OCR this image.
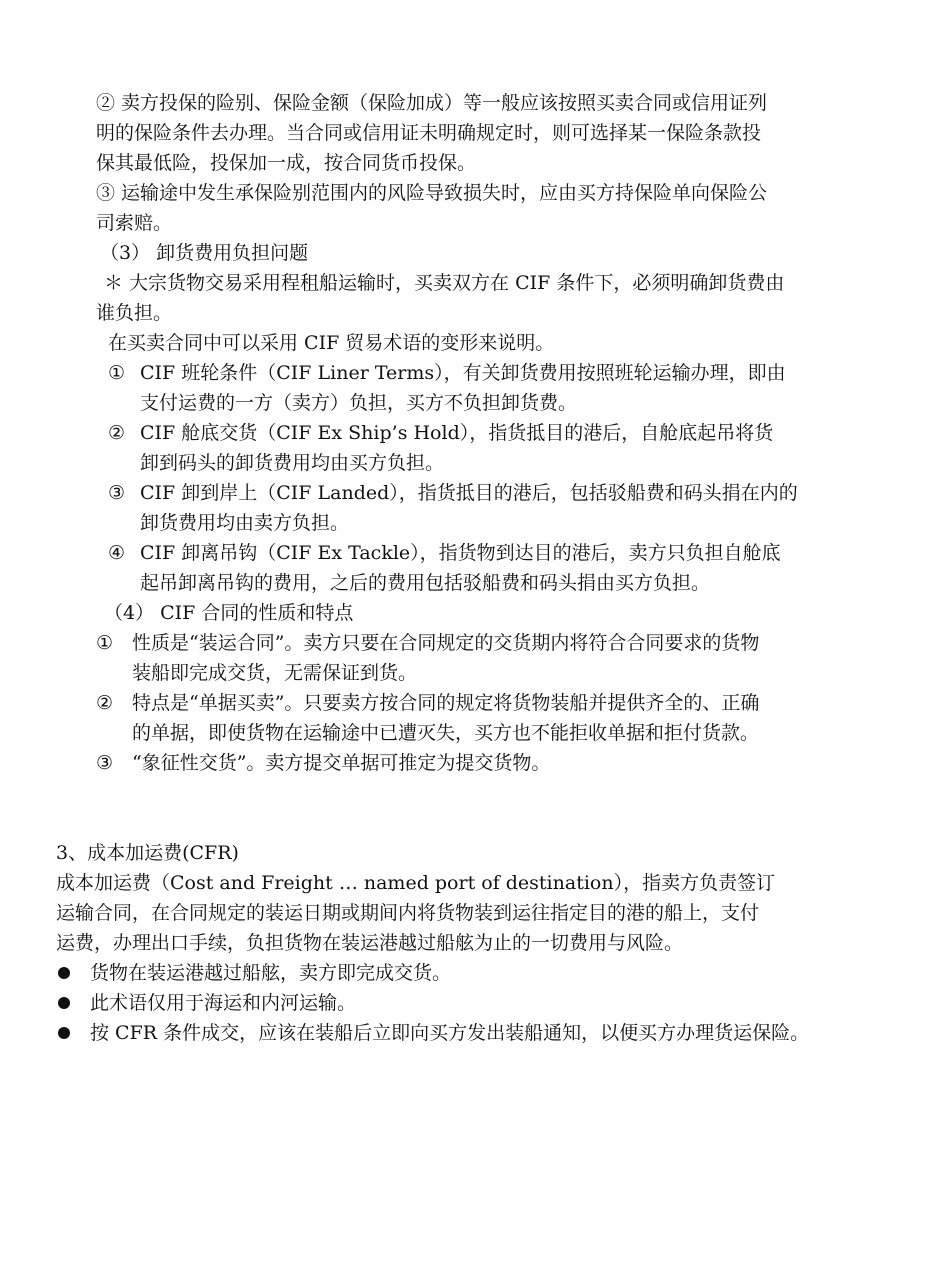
② 卖方投保的险别、保险金额（保险加成）等一般应该按照买卖合同或信用证列
明的保险条件去办理。当合同或信用证未明确规定时，则可选择某一保险条款投
保其最低险，投保加一成，按合同货币投保。
③ 运输途中发生承保险别范围内的风险导致损失时，应由买方持保险单向保险公
司索赔。
（3） 卸货费用负担问题
＊ 大宗货物交易采用程租船运输时，买卖双方在 CIF 条件下，必须明确卸货费由
谁负担。
在买卖合同中可以采用 CIF 贸易术语的变形来说明。
① CIF 班轮条件（CIF Liner Terms），有关卸货费用按照班轮运输办理，即由
支付运费的一方（卖方）负担，买方不负担卸货费。
② CIF 舱底交货（CIF Ex Ship’s Hold），指货抵目的港后，自舱底起吊将货
卸到码头的卸货费用均由买方负担。
③ CIF 卸到岸上（CIF Landed），指货抵目的港后，包括驳船费和码头捐在内的
卸货费用均由卖方负担。
④ CIF 卸离吊钩（CIF Ex Tackle），指货物到达目的港后，卖方只负担自舱底
起吊卸离吊钩的费用，之后的费用包括驳船费和码头捐由买方负担。
（4） CIF 合同的性质和特点
① 性质是“装运合同”。卖方只要在合同规定的交货期内将符合合同要求的货物
装船即完成交货，无需保证到货。
② 特点是“单据买卖”。只要卖方按合同的规定将货物装船并提供齐全的、正确
的单据，即使货物在运输途中已遭灭失，买方也不能拒收单据和拒付货款。
③ “象征性交货”。卖方提交单据可推定为提交货物。
3、成本加运费(CFR)
成本加运费（Cost and Freight … named port of destination），指卖方负责签订
运输合同，在合同规定的装运日期或期间内将货物装到运往指定目的港的船上，支付
运费，办理出口手续，负担货物在装运港越过船舷为止的一切费用与风险。
货物在装运港越过船舷，卖方即完成交货。
此术语仅用于海运和内河运输。
按 CFR 条件成交，应该在装船后立即向买方发出装船通知，以便买方办理货运保险。
